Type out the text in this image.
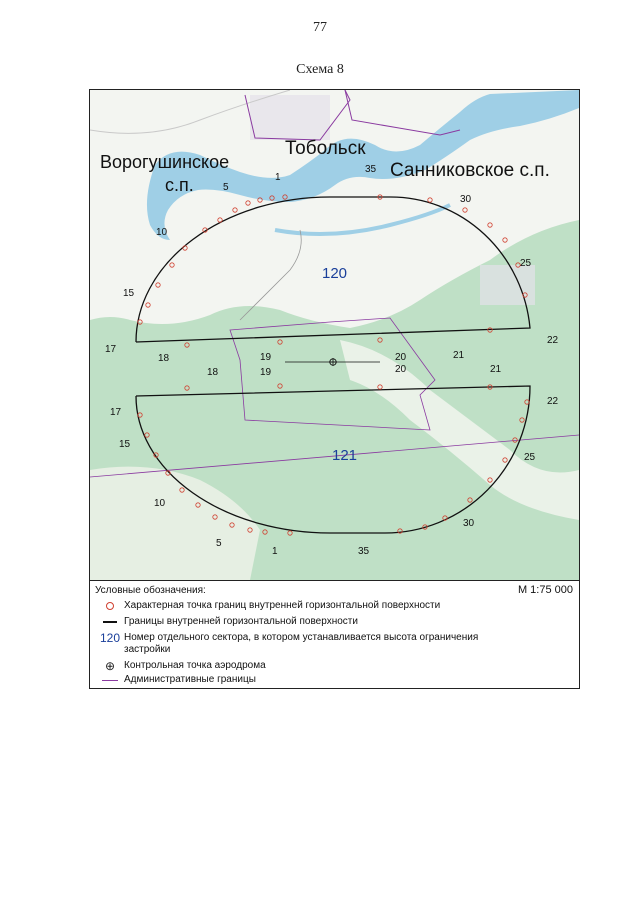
77
Схема 8
Ворогушинское
с.п.
Тобольск
Санниковское с.п.
120
121
1
5
10
15
17
18	19	20	21
22
25
30
35
17
18	19	20	21
22
25
30
35
1
5
10
15
Условные обозначения:	М 1:75 000
Характерная точка границ внутренней горизонтальной поверхности
Границы внутренней горизонтальной поверхности
120 Номер отдельного сектора, в котором устанавливается высота ограничения застройки
⊕ Контрольная точка аэродрома
Административные границы
